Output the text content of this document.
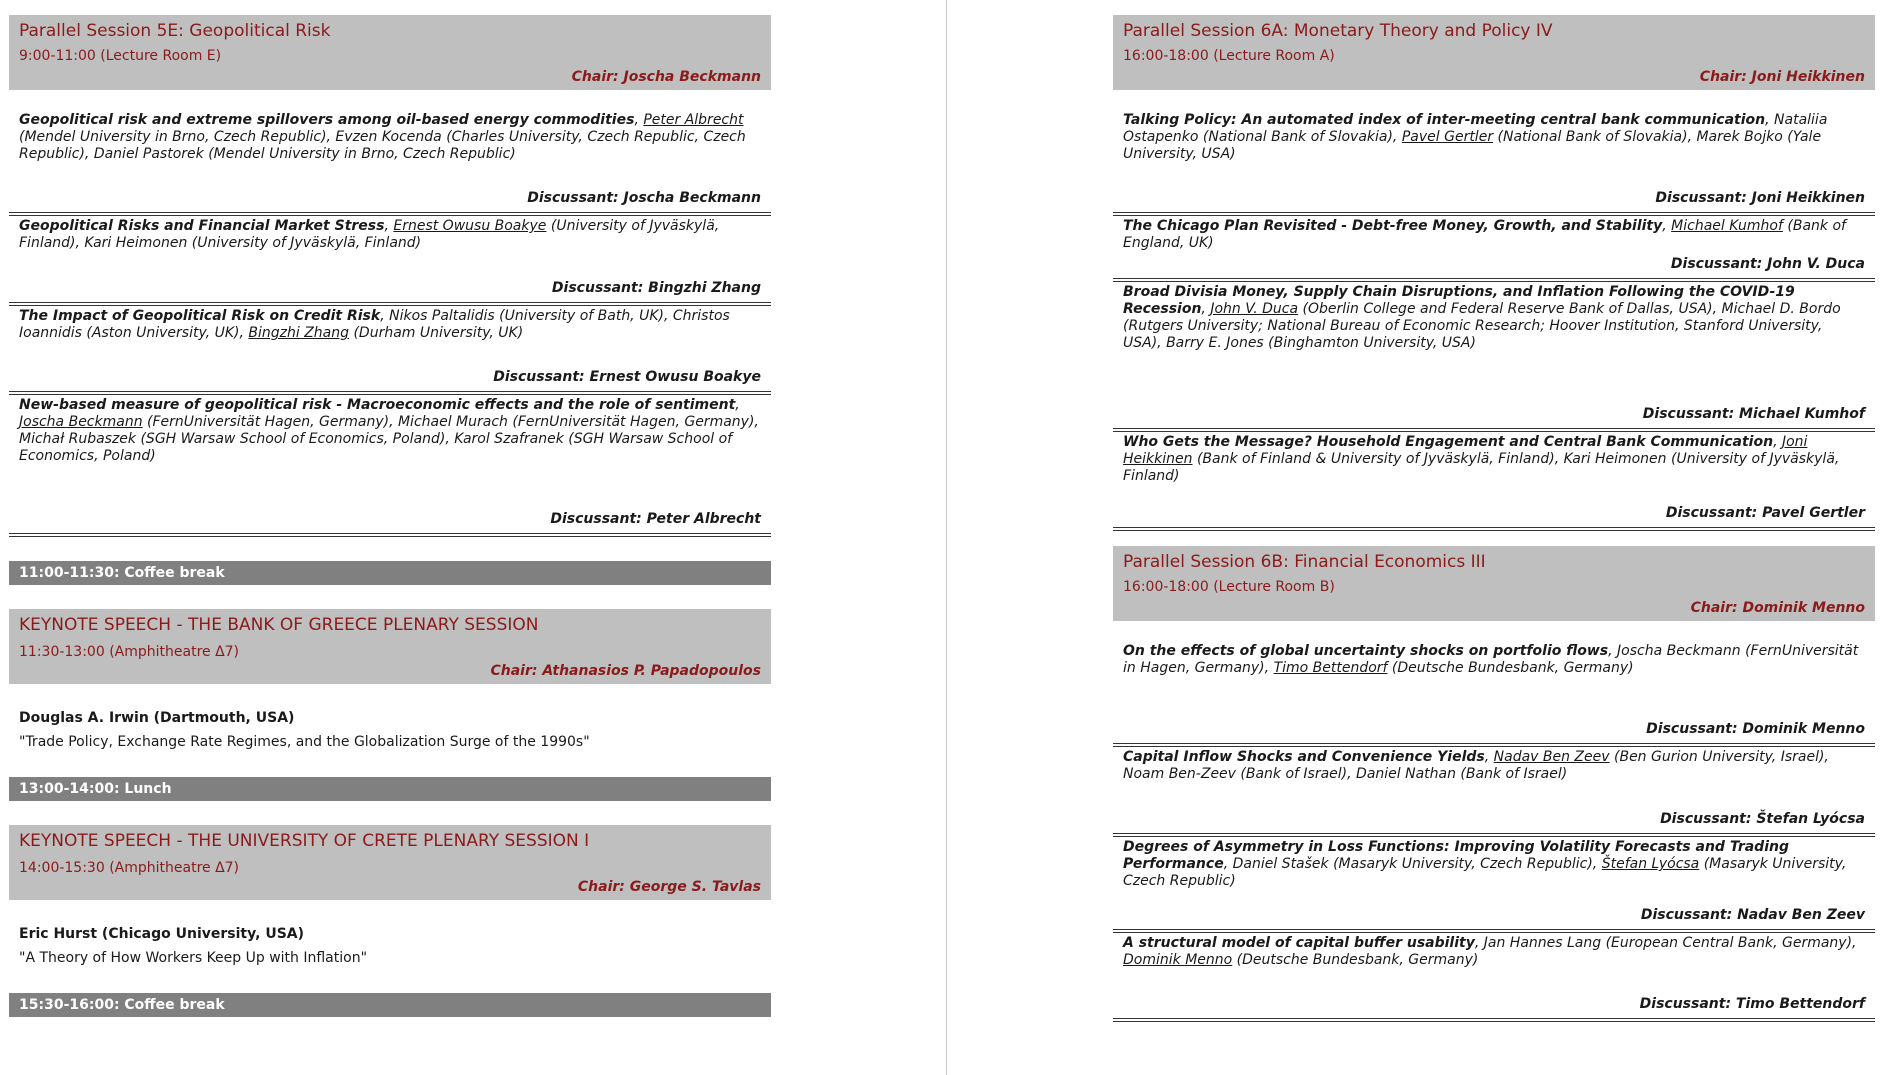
Parallel Session 5E: Geopolitical Risk
9:00-11:00 (Lecture Room E)
Chair: Joscha Beckmann
Geopolitical risk and extreme spillovers among oil-based energy commodities, Peter Albrecht (Mendel University in Brno, Czech Republic), Evzen Kocenda (Charles University, Czech Republic, Czech Republic), Daniel Pastorek (Mendel University in Brno, Czech Republic)
Discussant: Joscha Beckmann
Geopolitical Risks and Financial Market Stress, Ernest Owusu Boakye (University of Jyväskylä, Finland), Kari Heimonen (University of Jyväskylä, Finland)
Discussant: Bingzhi Zhang
The Impact of Geopolitical Risk on Credit Risk, Nikos Paltalidis (University of Bath, UK), Christos Ioannidis (Aston University, UK), Bingzhi Zhang (Durham University, UK)
Discussant: Ernest Owusu Boakye
New-based measure of geopolitical risk - Macroeconomic effects and the role of sentiment, Joscha Beckmann (FernUniversität Hagen, Germany), Michael Murach (FernUniversität Hagen, Germany), Michał Rubaszek (SGH Warsaw School of Economics, Poland), Karol Szafranek (SGH Warsaw School of Economics, Poland)
Discussant: Peter Albrecht
11:00-11:30: Coffee break
KEYNOTE SPEECH - THE BANK OF GREECE PLENARY SESSION
11:30-13:00 (Amphitheatre Δ7)
Chair: Athanasios P. Papadopoulos
Douglas A. Irwin (Dartmouth, USA)
"Trade Policy, Exchange Rate Regimes, and the Globalization Surge of the 1990s"
13:00-14:00: Lunch
KEYNOTE SPEECH - THE UNIVERSITY OF CRETE PLENARY SESSION I
14:00-15:30 (Amphitheatre Δ7)
Chair: George S. Tavlas
Eric Hurst (Chicago University, USA)
"A Theory of How Workers Keep Up with Inflation"
15:30-16:00: Coffee break
Parallel Session 6A: Monetary Theory and Policy IV
16:00-18:00 (Lecture Room A)
Chair: Joni Heikkinen
Talking Policy: An automated index of inter-meeting central bank communication, Nataliia Ostapenko (National Bank of Slovakia), Pavel Gertler (National Bank of Slovakia), Marek Bojko (Yale University, USA)
Discussant: Joni Heikkinen
The Chicago Plan Revisited - Debt-free Money, Growth, and Stability, Michael Kumhof (Bank of England, UK)
Discussant: John V. Duca
Broad Divisia Money, Supply Chain Disruptions, and Inflation Following the COVID-19 Recession, John V. Duca (Oberlin College and Federal Reserve Bank of Dallas, USA), Michael D. Bordo (Rutgers University; National Bureau of Economic Research; Hoover Institution, Stanford University, USA), Barry E. Jones (Binghamton University, USA)
Discussant: Michael Kumhof
Who Gets the Message? Household Engagement and Central Bank Communication, Joni Heikkinen (Bank of Finland & University of Jyväskylä, Finland), Kari Heimonen (University of Jyväskylä, Finland)
Discussant: Pavel Gertler
Parallel Session 6B: Financial Economics III
16:00-18:00 (Lecture Room B)
Chair: Dominik Menno
On the effects of global uncertainty shocks on portfolio flows, Joscha Beckmann (FernUniversität in Hagen, Germany), Timo Bettendorf (Deutsche Bundesbank, Germany)
Discussant: Dominik Menno
Capital Inflow Shocks and Convenience Yields, Nadav Ben Zeev (Ben Gurion University, Israel), Noam Ben-Zeev (Bank of Israel), Daniel Nathan (Bank of Israel)
Discussant: Štefan Lyócsa
Degrees of Asymmetry in Loss Functions: Improving Volatility Forecasts and Trading Performance, Daniel Stašek (Masaryk University, Czech Republic), Štefan Lyócsa (Masaryk University, Czech Republic)
Discussant: Nadav Ben Zeev
A structural model of capital buffer usability, Jan Hannes Lang (European Central Bank, Germany), Dominik Menno (Deutsche Bundesbank, Germany)
Discussant: Timo Bettendorf
